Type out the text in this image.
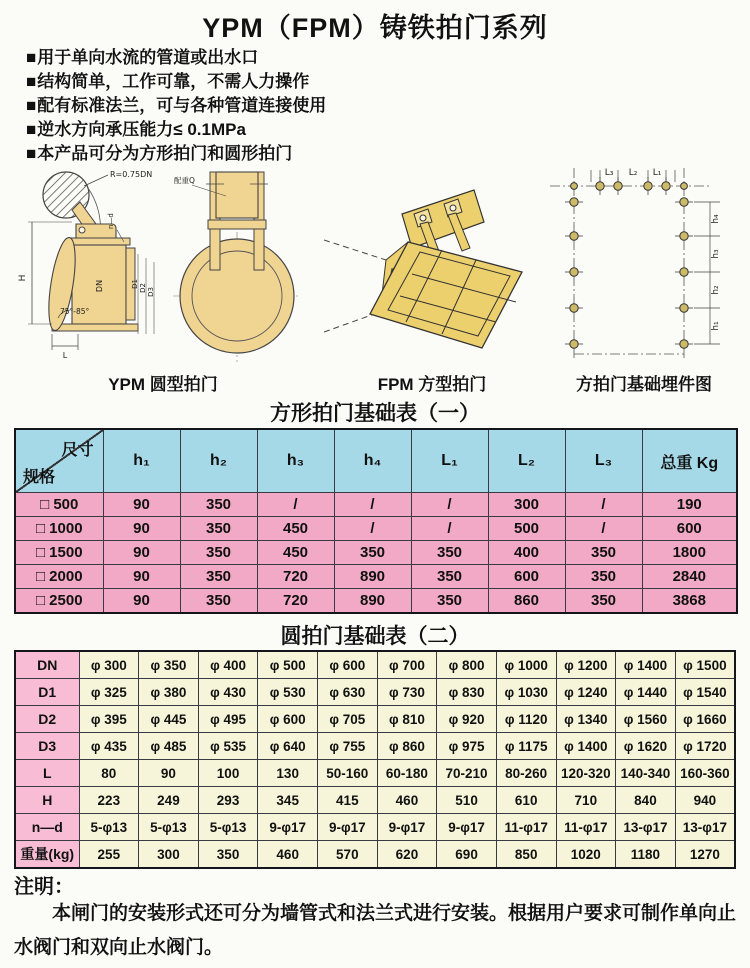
YPM（FPM）铸铁拍门系列
■用于单向水流的管道或出水口
■结构简单，工作可靠，不需人力操作
■配有标准法兰，可与各种管道连接使用
■逆水方向承压能力≤ 0.1MPa
■本产品可分为方形拍门和圆形拍门
R=0.75DN
H
n—d
DN	D1 D2 D3
75°-85°
L
配重Q
YPM 圆型拍门	FPM 方型拍门
L₃ L₂ L₁
h₄
h₃
h₂
h₁
方拍门基础埋件图
方形拍门基础表（一）
尺寸
规格	h₁	h₂	h₃	h₄	L₁	L₂	L₃	总重 Kg
□ 500	90	350	/	/	/	300	/	190
□ 1000	90	350	450	/	/	500	/	600
□ 1500	90	350	450	350	350	400	350	1800
□ 2000	90	350	720	890	350	600	350	2840
□ 2500	90	350	720	890	350	860	350	3868
圆拍门基础表（二）
DN	φ 300	φ 350	φ 400	φ 500	φ 600	φ 700	φ 800	φ 1000	φ 1200	φ 1400	φ 1500
D1	φ 325	φ 380	φ 430	φ 530	φ 630	φ 730	φ 830	φ 1030	φ 1240	φ 1440	φ 1540
D2	φ 395	φ 445	φ 495	φ 600	φ 705	φ 810	φ 920	φ 1120	φ 1340	φ 1560	φ 1660
D3	φ 435	φ 485	φ 535	φ 640	φ 755	φ 860	φ 975	φ 1175	φ 1400	φ 1620	φ 1720
L	80	90	100	130	50-160	60-180	70-210	80-260	120-320	140-340	160-360
H	223	249	293	345	415	460	510	610	710	840	940
n—d	5-φ13	5-φ13	5-φ13	9-φ17	9-φ17	9-φ17	9-φ17	11-φ17	11-φ17	13-φ17	13-φ17
重量(kg)	255	300	350	460	570	620	690	850	1020	1180	1270
注明：
本闸门的安装形式还可分为墙管式和法兰式进行安装。根据用户要求可制作单向止水阀门和双向止水阀门。
